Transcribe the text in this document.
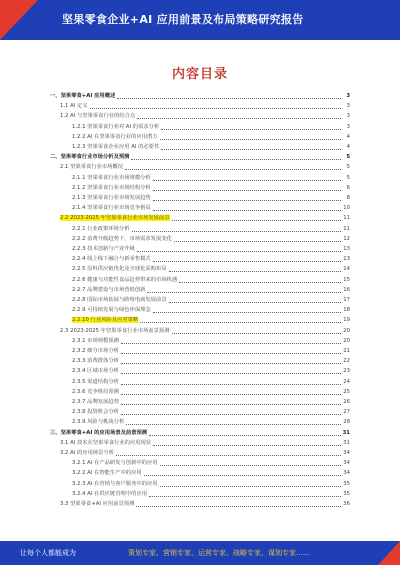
坚果零食企业+AI 应用前景及布局策略研究报告
内容目录
一、坚果零食+AI 应用概述	3
1.1 AI 定义	3
1.2 AI 与坚果零食行业的结合点	3
1.2.1 坚果零食行业对 AI 的需求分析	3
1.2.2 AI 在坚果零食行业的应用潜力	4
1.2.3 坚果零食企业应用 AI 的必要性	4
二、坚果零食行业市场分析及预测	5
2.1 坚果零食行业市场概况	5
2.1.1 坚果零食行业市场规模分析	5
2.1.2 坚果零食行业市场结构分析	6
2.1.3 坚果零食行业市场发展趋势	8
2.1.4 坚果零食行业市场竞争格局	10
2.2 2023-2025 年坚果零食行业市场发展前景	11
2.2.1 行业政策环境分析	11
2.2.2 消费升级趋势下，市场需求发展变化	12
2.2.3 技术创新与产业升级	13
2.2.4 线上线下融合与新零售模式	13
2.2.5 原料供应链优化及全球化采购布局	14
2.2.6 健康与功能性食品趋势带来的市场机遇	15
2.2.7 品牌建设与市场营销创新	16
2.2.8 国际市场拓展与跨境电商发展前景	17
2.2.9 可持续发展与绿色环保理念	18
2.2.10 行业风险及应对策略	19
2.3 2023-2025 年坚果零食行业市场前景预测	20
2.3.1 市场规模预测	20
2.3.2 细分市场分析	21
2.3.3 消费群体分析	22
2.3.4 区域市场分析	23
2.3.5 渠道结构分析	24
2.3.6 竞争格局预测	25
2.3.7 品牌发展趋势	26
2.3.8 投资机会分析	27
2.3.9 风险与挑战分析	28
三、坚果零食+AI 的应用场景及前景预测	31
3.1 AI 技术在坚果零食行业的应用现状	31
3.2 AI 的应用场景分析	34
3.2.1 AI 在产品研发与创新中的应用	34
3.2.2 AI 在智能生产中的应用	34
3.2.3 AI 在营销与客户服务中的应用	35
3.2.4 AI 在供应链管理中的应用	35
3.3 坚果零食+AI 应用前景预测	36
让每个人都能成为	策划专家、营销专家、运营专家、战略专家、谋划专家……
